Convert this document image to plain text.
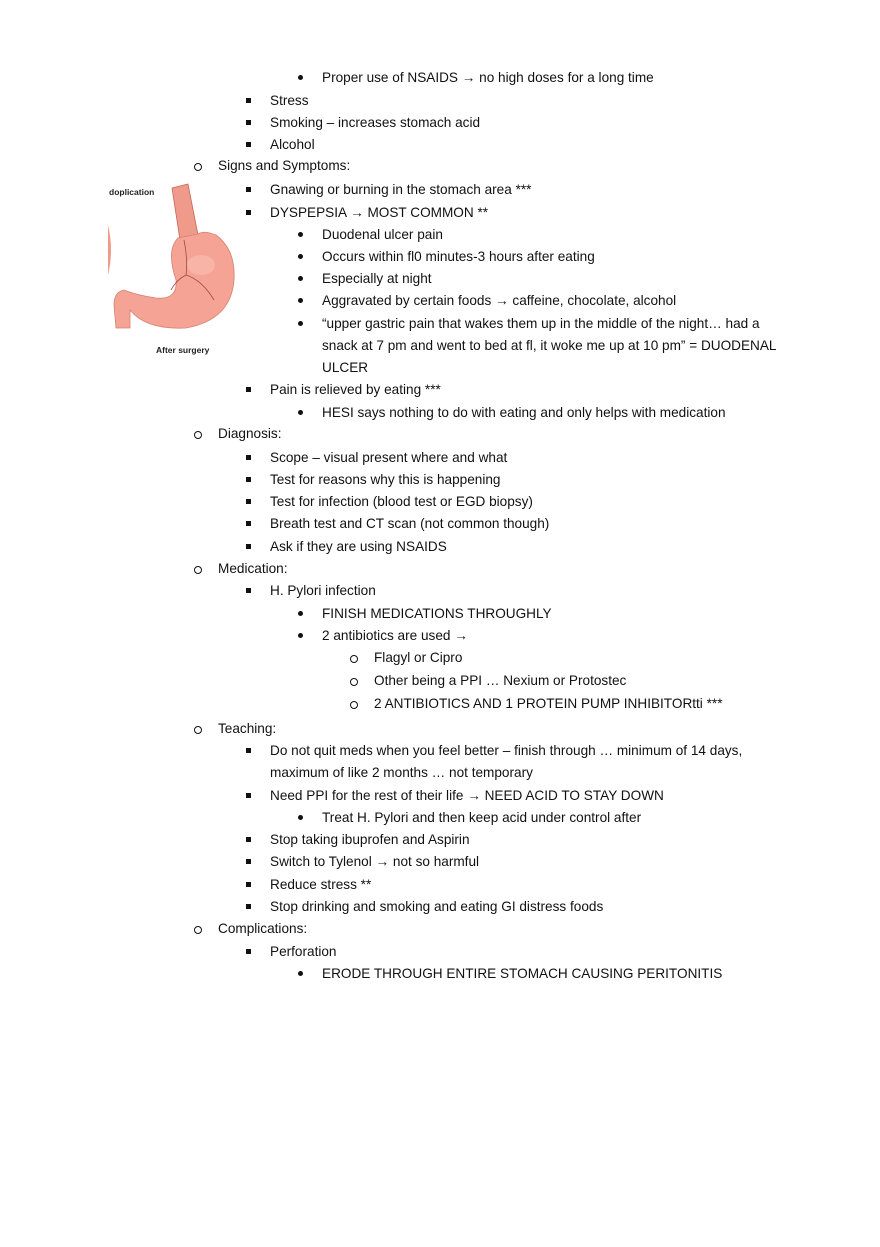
doplication
After surgery
Proper use of NSAIDS → no high doses for a long time
Stress
Smoking – increases stomach acid
Alcohol
Signs and Symptoms:
Gnawing or burning in the stomach area ***
DYSPEPSIA → MOST COMMON **
Duodenal ulcer pain
Occurs within fl0 minutes-3 hours after eating
Especially at night
Aggravated by certain foods → caffeine, chocolate, alcohol
“upper gastric pain that wakes them up in the middle of the night… had a snack at 7 pm and went to bed at fl, it woke me up at 10 pm” = DUODENAL ULCER
Pain is relieved by eating ***
HESI says nothing to do with eating and only helps with medication
Diagnosis:
Scope – visual present where and what
Test for reasons why this is happening
Test for infection (blood test or EGD biopsy)
Breath test and CT scan (not common though)
Ask if they are using NSAIDS
Medication:
H. Pylori infection
FINISH MEDICATIONS THROUGHLY
2 antibiotics are used →
Flagyl or Cipro
Other being a PPI … Nexium or Protostec
2 ANTIBIOTICS AND 1 PROTEIN PUMP INHIBITORtti ***
Teaching:
Do not quit meds when you feel better – finish through … minimum of 14 days, maximum of like 2 months … not temporary
Need PPI for the rest of their life → NEED ACID TO STAY DOWN
Treat H. Pylori and then keep acid under control after
Stop taking ibuprofen and Aspirin
Switch to Tylenol → not so harmful
Reduce stress **
Stop drinking and smoking and eating GI distress foods
Complications:
Perforation
ERODE THROUGH ENTIRE STOMACH CAUSING PERITONITIS
